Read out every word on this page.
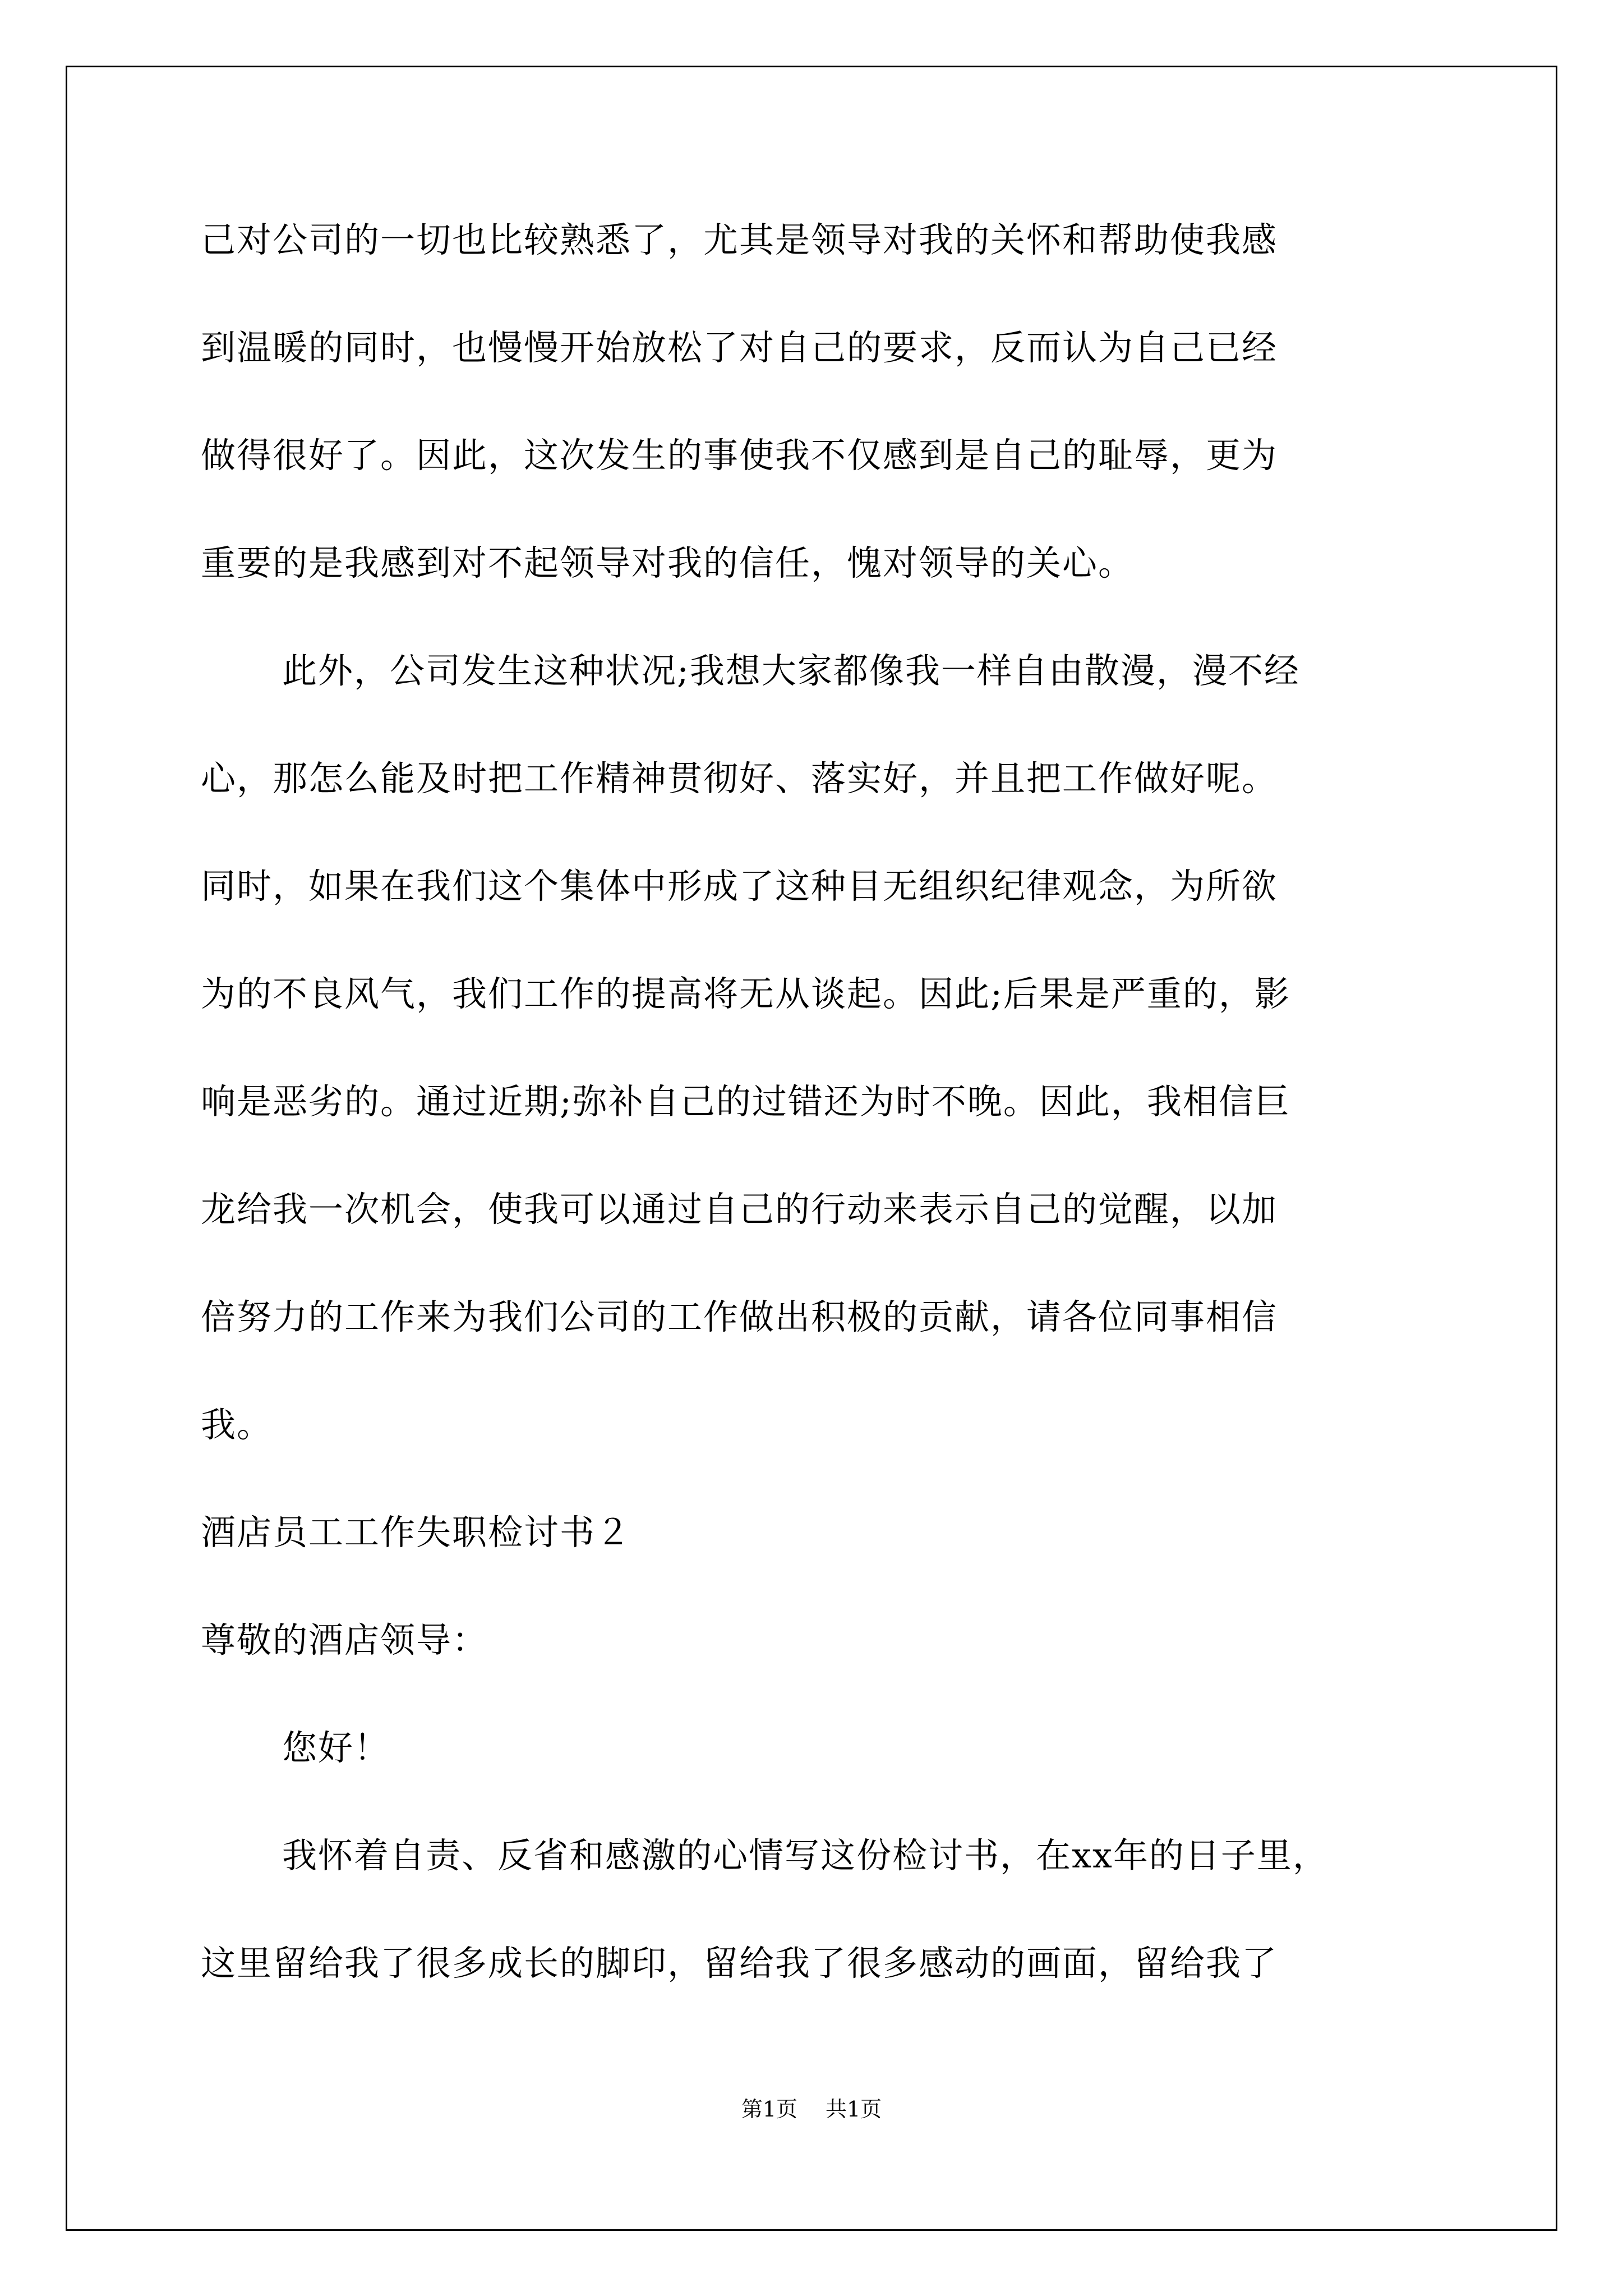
己对公司的一切也比较熟悉了，尤其是领导对我的关怀和帮助使我感
到温暖的同时，也慢慢开始放松了对自己的要求，反而认为自己已经
做得很好了。因此，这次发生的事使我不仅感到是自己的耻辱，更为
重要的是我感到对不起领导对我的信任，愧对领导的关心。
此外，公司发生这种状况;我想大家都像我一样自由散漫，漫不经
心，那怎么能及时把工作精神贯彻好、落实好，并且把工作做好呢。
同时，如果在我们这个集体中形成了这种目无组织纪律观念，为所欲
为的不良风气，我们工作的提高将无从谈起。因此;后果是严重的，影
响是恶劣的。通过近期;弥补自己的过错还为时不晚。因此，我相信巨
龙给我一次机会，使我可以通过自己的行动来表示自己的觉醒，以加
倍努力的工作来为我们公司的工作做出积极的贡献，请各位同事相信
我。
酒店员工工作失职检讨书２
尊敬的酒店领导：
您好！
我怀着自责、反省和感激的心情写这份检讨书，在xx年的日子里，
这里留给我了很多成长的脚印，留给我了很多感动的画面，留给我了
第1页 共1页
